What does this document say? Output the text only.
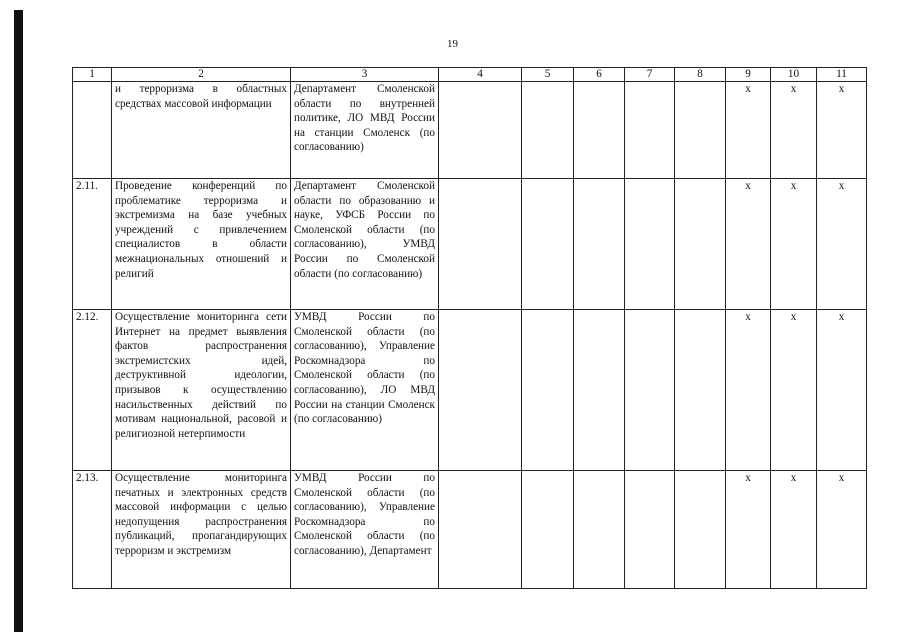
19
1	2	3	4	5	6	7	8	9	10	11
	и терроризма в областных средствах массовой информации	Департамент Смоленской области по внутренней политике, ЛО МВД России на станции Смоленск (по согласованию)						x	x	x
2.11.	Проведение конференций по проблематике терроризма и экстремизма на базе учебных учреждений с привлечением специалистов в области межнациональных отношений и религий	Департамент Смоленской области по образованию и науке, УФСБ России по Смоленской области (по согласованию), УМВД России по Смоленской области (по согласованию)						x	x	x
2.12.	Осуществление мониторинга сети Интернет на предмет выявления фактов распространения экстремистских идей, деструктивной идеологии, призывов к осуществлению насильственных действий по мотивам национальной, расовой и религиозной нетерпимости	УМВД России по Смоленской области (по согласованию), Управление Роскомнадзора по Смоленской области (по согласованию), ЛО МВД России на станции Смоленск (по согласованию)						x	x	x
2.13.	Осуществление мониторинга печатных и электронных средств массовой информации с целью недопущения распространения публикаций, пропагандирующих терроризм и экстремизм	УМВД России по Смоленской области (по согласованию), Управление Роскомнадзора по Смоленской области (по согласованию), Департамент						x	x	x
